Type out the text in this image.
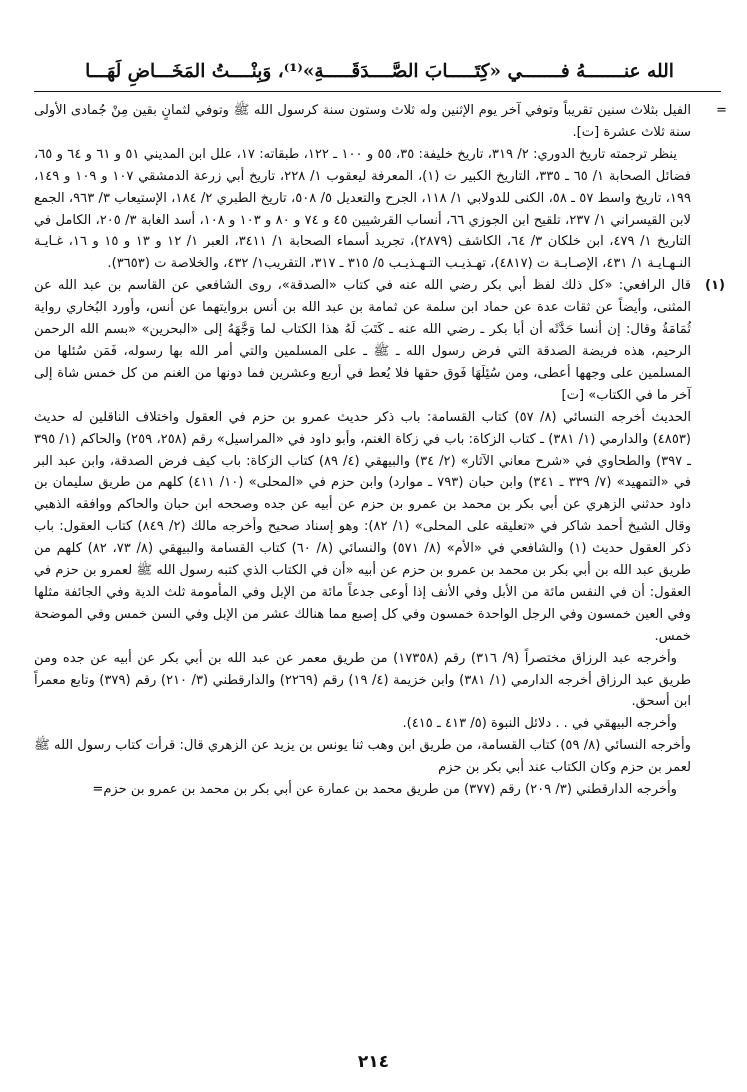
الله عنـــــــهُ فـــــــي «كِتَـــــابَ الصَّــــدَقَـــــةِ»⁽¹⁾، وَبِنْــــتُ المَخَـــاضِ لَهَـــا

=
الفيل بثلاث سنين تقريباً وتوفي آخر يوم الإثنين وله ثلاث وستون سنة كرسول الله ﷺ وتوفي لثمانٍ بقين مِنْ جُمادى الأولى سنة ثلاث عشرة [ت].

ينظر ترجمته تاريخ الدوري: ٢/ ٣١٩، تاريخ خليفة: ٣٥، ٥٥ و ١٠٠ ـ ١٢٢، طبقاته: ١٧، علل ابن المديني ٥١ و ٦١ و ٦٤ و ٦٥، فضائل الصحابة ١/ ٦٥ ـ ٣٣٥، التاريخ الكبير ت (١)، المعرفة ليعقوب ١/ ٢٢٨، تاريخ أبي زرعة الدمشقي ١٠٧ و ١٠٩ و ١٤٩، ١٩٩، تاريخ واسط ٥٧ ـ ٥٨، الكنى للدولابي ١/ ١١٨، الجرح والتعديل ٥/ ٥٠٨، تاريخ الطبري ٢/ ١٨٤، الإستيعاب ٣/ ٩٦٣، الجمع لابن القيسراني ١/ ٢٣٧، تلقيح ابن الجوزي ٦٦، أنساب القرشيين ٤٥ و ٧٤ و ٨٠ و ١٠٣ و ١٠٨، أسد الغابة ٣/ ٢٠٥، الكامل في التاريخ ١/ ٤٧٩، ابن خلكان ٣/ ٦٤، الكاشف (٢٨٧٩)، تجريد أسماء الصحابة ١/ ٣٤١١، العبر ١/ ١٢ و ١٣ و ١٥ و ١٦، غـايـة النـهـايـة ١/ ٤٣١، الإصـابـة ت (٤٨١٧)، تهـذيـب التـهـذيـب ٥/ ٣١٥ ـ ٣١٧، التقريب١/ ٤٣٢، والخلاصة ت (٣٦٥٣).

(١)
قال الرافعي: «كل ذلك لفظ أبي بكر رضي الله عنه في كتاب «الصدقة»، روى الشافعي عن القاسم بن عبد الله عن المثنى، وأيضاً عن ثقات عدة عن حماد ابن سلمة عن ثمامة بن عبد الله بن أنس بروايتهما عن أنس، وأورد البُخاري رواية ثُمَامَةُ وقال: إن أنسا حَدَّثَه أن أبا بكر ـ رضي الله عنه ـ كَتَبَ لَهُ هذا الكتاب لما وَجَّهَهُ إلى «البحرين» «بسم الله الرحمن الرحيم، هذه فريضة الصدقة التي فرض رسول الله ـ ﷺ ـ على المسلمين والتي أمر الله بها رسوله، فَمَن سُئلها من المسلمين على وجهها أعطى، ومن سُئِلَهَا فَوق حقها فلا يُعط في أربع وعشرين فما دونها من الغنم من كل خمس شاة إلى آخر ما في الكتاب» [ت]

الحديث أخرجه النسائي (٨/ ٥٧) كتاب القسامة: باب ذكر حديث عمرو بن حزم في العقول واختلاف الناقلين له حديث (٤٨٥٣) والدارمي (١/ ٣٨١) ـ كتاب الزكاة: باب في زكاة الغنم، وأبو داود في «المراسيل» رقم (٢٥٨، ٢٥٩) والحاكم (١/ ٣٩٥ ـ ٣٩٧) والطحاوي في «شرح معاني الآثار» (٢/ ٣٤) والبيهقي (٤/ ٨٩) كتاب الزكاة: باب كيف فرض الصدقة، وابن عبد البر في «التمهيد» (٧/ ٣٣٩ ـ ٣٤١) وابن حبان (٧٩٣ ـ موارد) وابن حزم في «المحلى» (١٠/ ٤١١) كلهم من طريق سليمان بن داود حدثني الزهري عن أبي بكر بن محمد بن عمرو بن حزم عن أبيه عن جده وصححه ابن حبان والحاكم ووافقه الذهبي وقال الشيخ أحمد شاكر في «تعليقه على المحلى» (١/ ٨٢): وهو إسناد صحيح وأخرجه مالك (٢/ ٨٤٩) كتاب العقول: باب ذكر العقول حديث (١) والشافعي في «الأم» (٨/ ٥٧١) والنسائي (٨/ ٦٠) كتاب القسامة والبيهقي (٨/ ٧٣، ٨٢) كلهم من طريق عبد الله بن أبي بكر بن محمد بن عمرو بن حزم عن أبيه «أن في الكتاب الذي كتبه رسول الله ﷺ لعمرو بن حزم في العقول: أن في النفس مائة من الأبل وفي الأنف إذا أوعى جدعاً مائة من الإبل وفي المأمومة ثلث الدية وفي الجائفة مثلها وفي العين خمسون وفي الرجل الواحدة خمسون وفي كل إصبع مما هنالك عشر من الإبل وفي السن خمس وفي الموضحة خمس.

وأخرجه عبد الرزاق مختصراً (٩/ ٣١٦) رقم (١٧٣٥٨) من طريق معمر عن عبد الله بن أبي بكر عن أبيه عن جده ومن طريق عبد الرزاق أخرجه الدارمي (١/ ٣٨١) وابن خزيمة (٤/ ١٩) رقم (٢٢٦٩) والدارقطني (٣/ ٢١٠) رقم (٣٧٩) وتابع معمراً ابن أسحق.

وأخرجه البيهقي في . . دلائل النبوة (٥/ ٤١٣ ـ ٤١٥).

وأخرجه النسائي (٨/ ٥٩) كتاب القسامة، من طريق ابن وهب ثنا يونس بن يزيد عن الزهري قال: قرأت كتاب رسول الله ﷺ لعمر بن حزم وكان الكتاب عند أبي بكر بن حزم

وأخرجه الدارقطني (٣/ ٢٠٩) رقم (٣٧٧) من طريق محمد بن عمارة عن أبي بكر بن محمد بن عمرو بن حزم=

٢١٤
